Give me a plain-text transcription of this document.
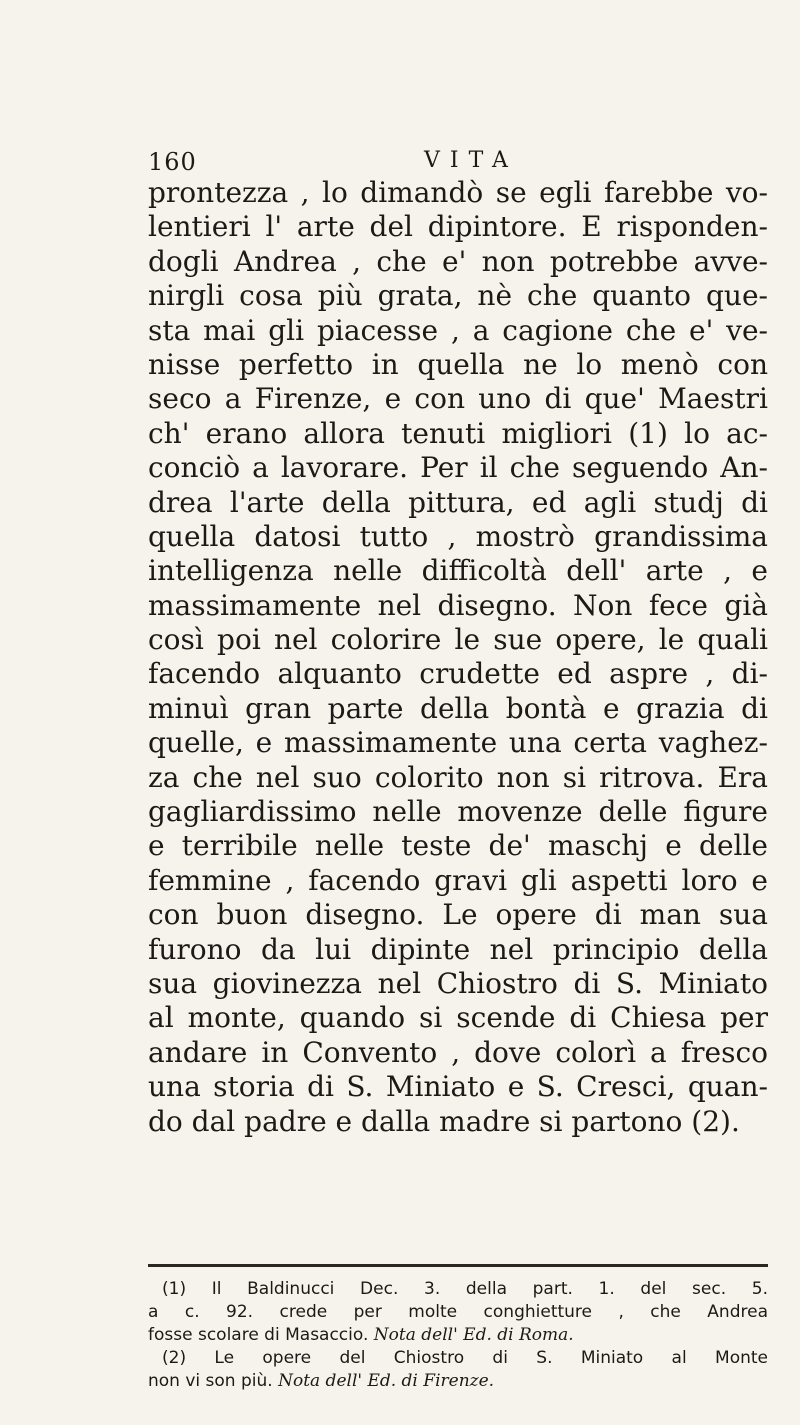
160	VITA
prontezza , lo dimandò se egli farebbe vo-
lentieri l' arte del dipintore. E risponden-
dogli Andrea , che e' non potrebbe avve-
nirgli cosa più grata, nè che quanto que-
sta mai gli piacesse , a cagione che e' ve-
nisse perfetto in quella ne lo menò con
seco a Firenze, e con uno di que' Maestri
ch' erano allora tenuti migliori (1) lo ac-
conciò a lavorare. Per il che seguendo An-
drea l'arte della pittura, ed agli studj di
quella datosi tutto , mostrò grandissima
intelligenza nelle difficoltà dell' arte , e
massimamente nel disegno. Non fece già
così poi nel colorire le sue opere, le quali
facendo alquanto crudette ed aspre , di-
minuì gran parte della bontà e grazia di
quelle, e massimamente una certa vaghez-
za che nel suo colorito non si ritrova. Era
gagliardissimo nelle movenze delle figure
e terribile nelle teste de' maschj e delle
femmine , facendo gravi gli aspetti loro e
con buon disegno. Le opere di man sua
furono da lui dipinte nel principio della
sua giovinezza nel Chiostro di S. Miniato
al monte, quando si scende di Chiesa per
andare in Convento , dove colorì a fresco
una storia di S. Miniato e S. Cresci, quan-
do dal padre e dalla madre si partono (2).
(1) Il Baldinucci Dec. 3. della part. 1. del sec. 5.
a c. 92. crede per molte conghietture , che Andrea
fosse scolare di Masaccio. Nota dell' Ed. di Roma.
(2) Le opere del Chiostro di S. Miniato al Monte
non vi son più. Nota dell' Ed. di Firenze.
